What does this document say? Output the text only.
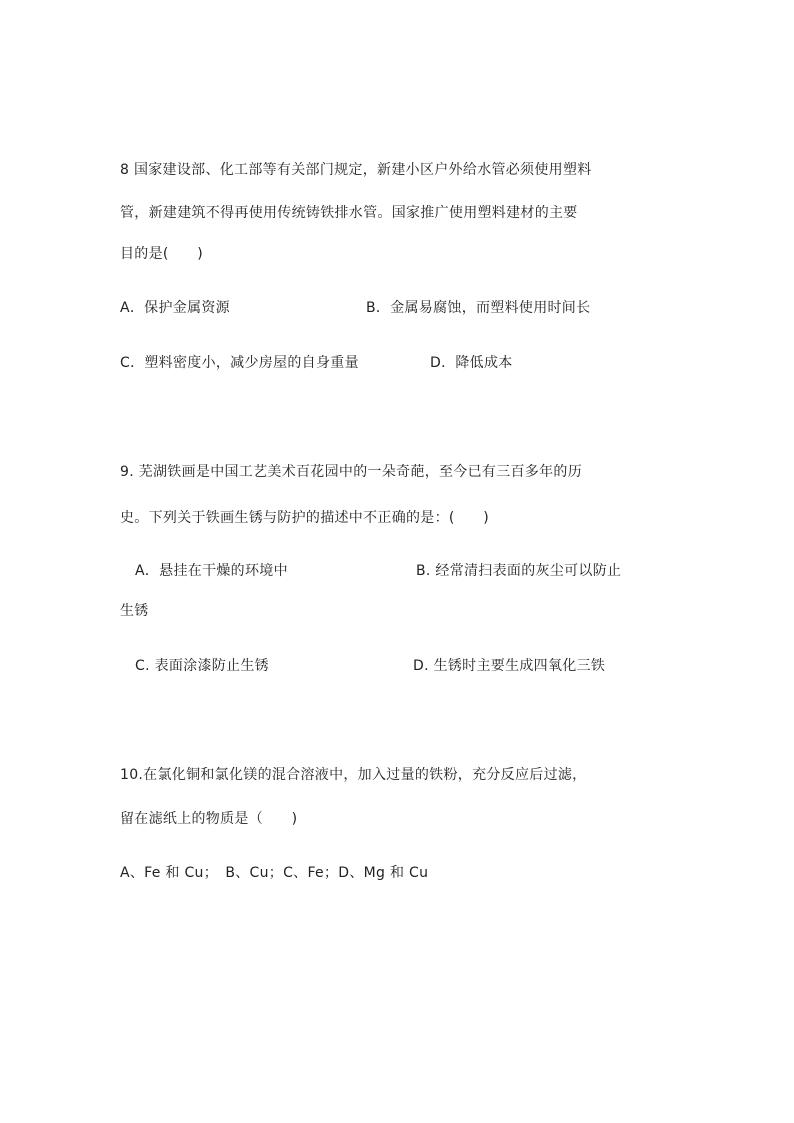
8 国家建设部、化工部等有关部门规定，新建小区户外给水管必须使用塑料
管，新建建筑不得再使用传统铸铁排水管。国家推广使用塑料建材的主要
目的是(　　)
A．保护金属资源	B．金属易腐蚀，而塑料使用时间长
C．塑料密度小，减少房屋的自身重量	D．降低成本
9. 芜湖铁画是中国工艺美术百花园中的一朵奇葩，至今已有三百多年的历
史。下列关于铁画生锈与防护的描述中不正确的是：(　　)
A．悬挂在干燥的环境中	B. 经常清扫表面的灰尘可以防止
生锈
C. 表面涂漆防止生锈	D. 生锈时主要生成四氧化三铁
10.在氯化铜和氯化镁的混合溶液中，加入过量的铁粉，充分反应后过滤，
留在滤纸上的物质是（　　)
A、Fe 和 Cu；　B、Cu；C、Fe；D、Mg 和 Cu
